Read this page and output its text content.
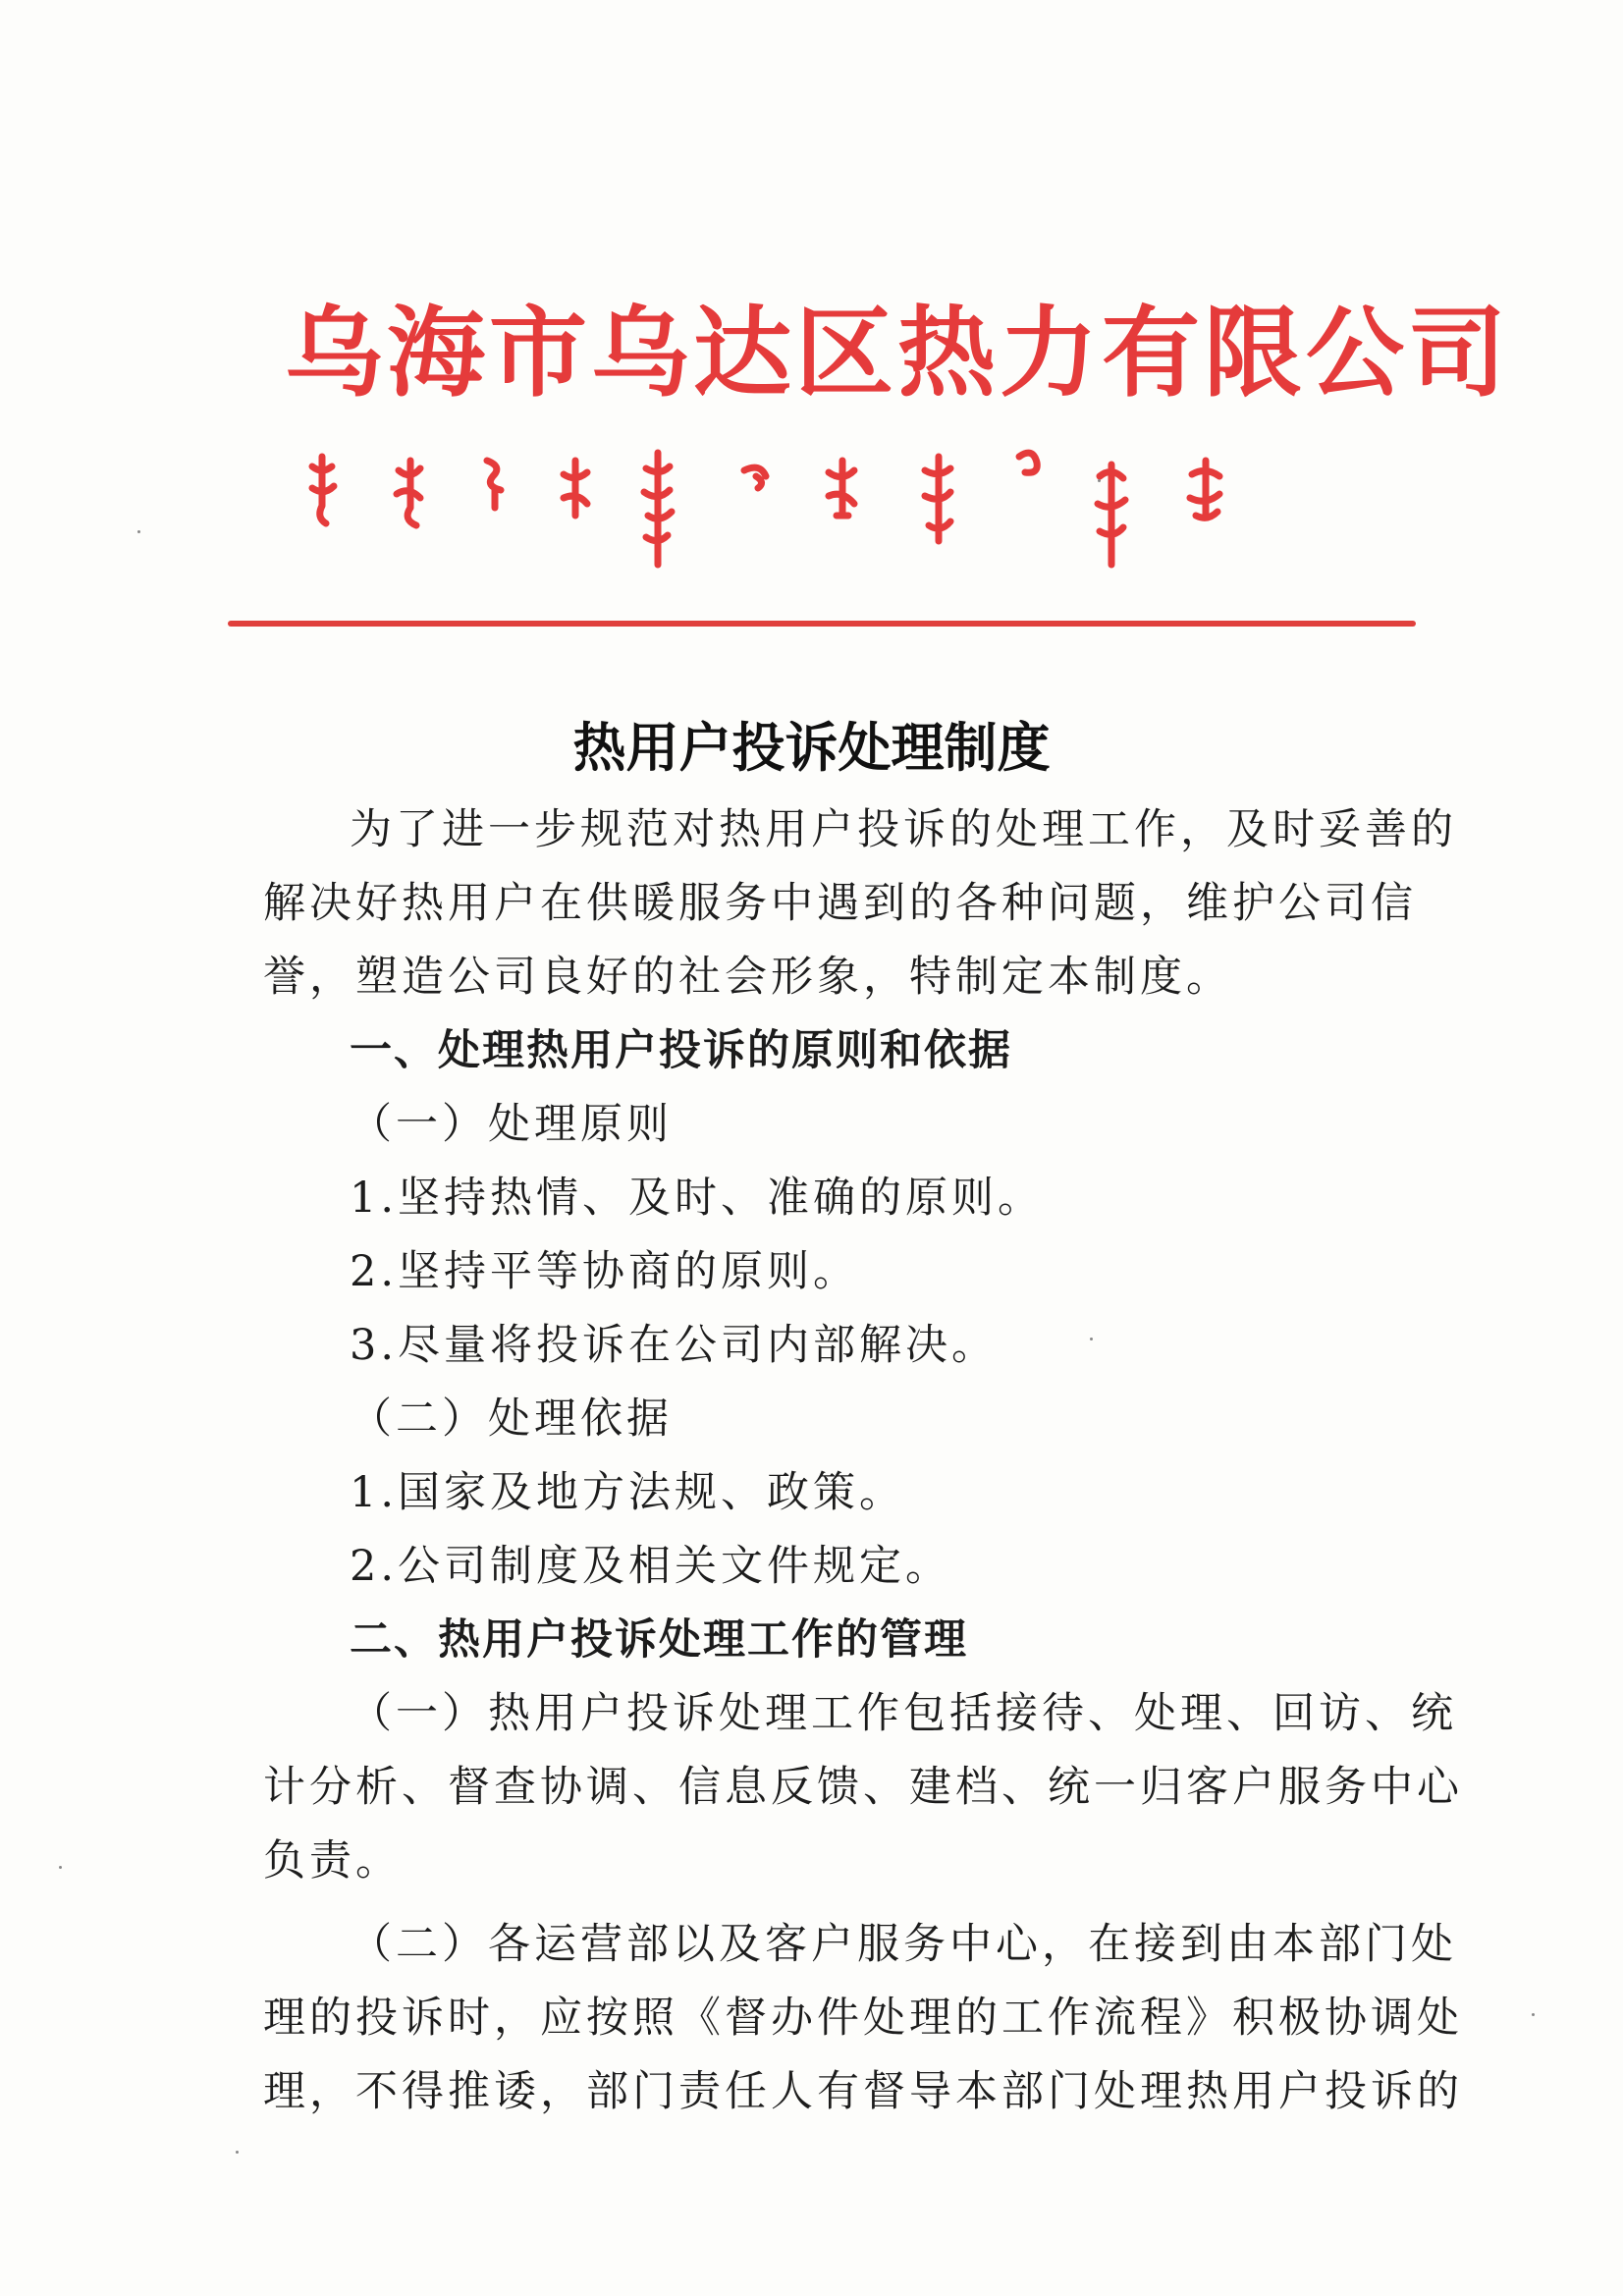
乌海市乌达区热力有限公司
热用户投诉处理制度
为了进一步规范对热用户投诉的处理工作，及时妥善的
解决好热用户在供暖服务中遇到的各种问题，维护公司信
誉，塑造公司良好的社会形象，特制定本制度。
一、处理热用户投诉的原则和依据
（一）处理原则
1.坚持热情、及时、准确的原则。
2.坚持平等协商的原则。
3.尽量将投诉在公司内部解决。
（二）处理依据
1.国家及地方法规、政策。
2.公司制度及相关文件规定。
二、热用户投诉处理工作的管理
（一）热用户投诉处理工作包括接待、处理、回访、统
计分析、督查协调、信息反馈、建档、统一归客户服务中心
负责。
（二）各运营部以及客户服务中心，在接到由本部门处
理的投诉时，应按照《督办件处理的工作流程》积极协调处
理，不得推诿，部门责任人有督导本部门处理热用户投诉的
